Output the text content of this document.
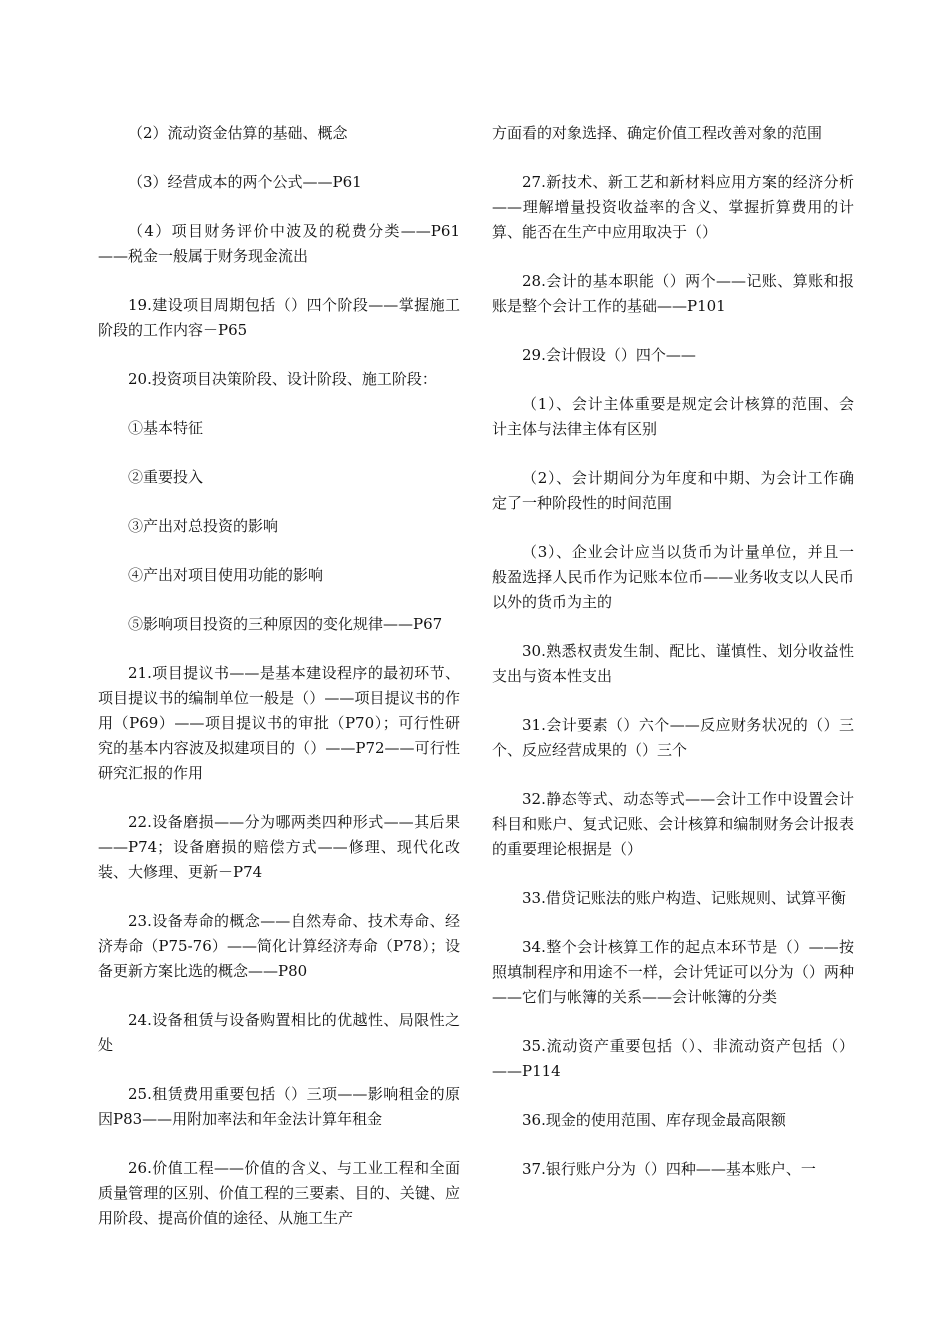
（2）流动资金估算的基础、概念

（3）经营成本的两个公式——P61

（4）项目财务评价中波及的税费分类——P61——税金一般属于财务现金流出

19.建设项目周期包括（）四个阶段——掌握施工阶段的工作内容－P65

20.投资项目决策阶段、设计阶段、施工阶段：

①基本特征

②重要投入

③产出对总投资的影响

④产出对项目使用功能的影响

⑤影响项目投资的三种原因的变化规律——P67

21.项目提议书——是基本建设程序的最初环节、项目提议书的编制单位一般是（）——项目提议书的作用（P69）——项目提议书的审批（P70）；可行性研究的基本内容波及拟建项目的（）——P72——可行性研究汇报的作用

22.设备磨损——分为哪两类四种形式——其后果——P74；设备磨损的赔偿方式——修理、现代化改装、大修理、更新－P74

23.设备寿命的概念——自然寿命、技术寿命、经济寿命（P75-76）——简化计算经济寿命（P78）；设备更新方案比选的概念——P80

24.设备租赁与设备购置相比的优越性、局限性之处

25.租赁费用重要包括（）三项——影响租金的原因P83——用附加率法和年金法计算年租金

26.价值工程——价值的含义、与工业工程和全面质量管理的区别、价值工程的三要素、目的、关键、应用阶段、提高价值的途径、从施工生产

方面看的对象选择、确定价值工程改善对象的范围

27.新技术、新工艺和新材料应用方案的经济分析——理解增量投资收益率的含义、掌握折算费用的计算、能否在生产中应用取决于（）

28.会计的基本职能（）两个——记账、算账和报账是整个会计工作的基础——P101

29.会计假设（）四个——

（1）、会计主体重要是规定会计核算的范围、会计主体与法律主体有区别

（2）、会计期间分为年度和中期、为会计工作确定了一种阶段性的时间范围

（3）、企业会计应当以货币为计量单位，并且一般盈选择人民币作为记账本位币——业务收支以人民币以外的货币为主的

30.熟悉权责发生制、配比、谨慎性、划分收益性支出与资本性支出

31.会计要素（）六个——反应财务状况的（）三个、反应经营成果的（）三个

32.静态等式、动态等式——会计工作中设置会计科目和账户、复式记账、会计核算和编制财务会计报表的重要理论根据是（）

33.借贷记账法的账户构造、记账规则、试算平衡

34.整个会计核算工作的起点本环节是（）——按照填制程序和用途不一样，会计凭证可以分为（）两种——它们与帐簿的关系——会计帐簿的分类

35.流动资产重要包括（）、非流动资产包括（）——P114

36.现金的使用范围、库存现金最高限额

37.银行账户分为（）四种——基本账户、一
